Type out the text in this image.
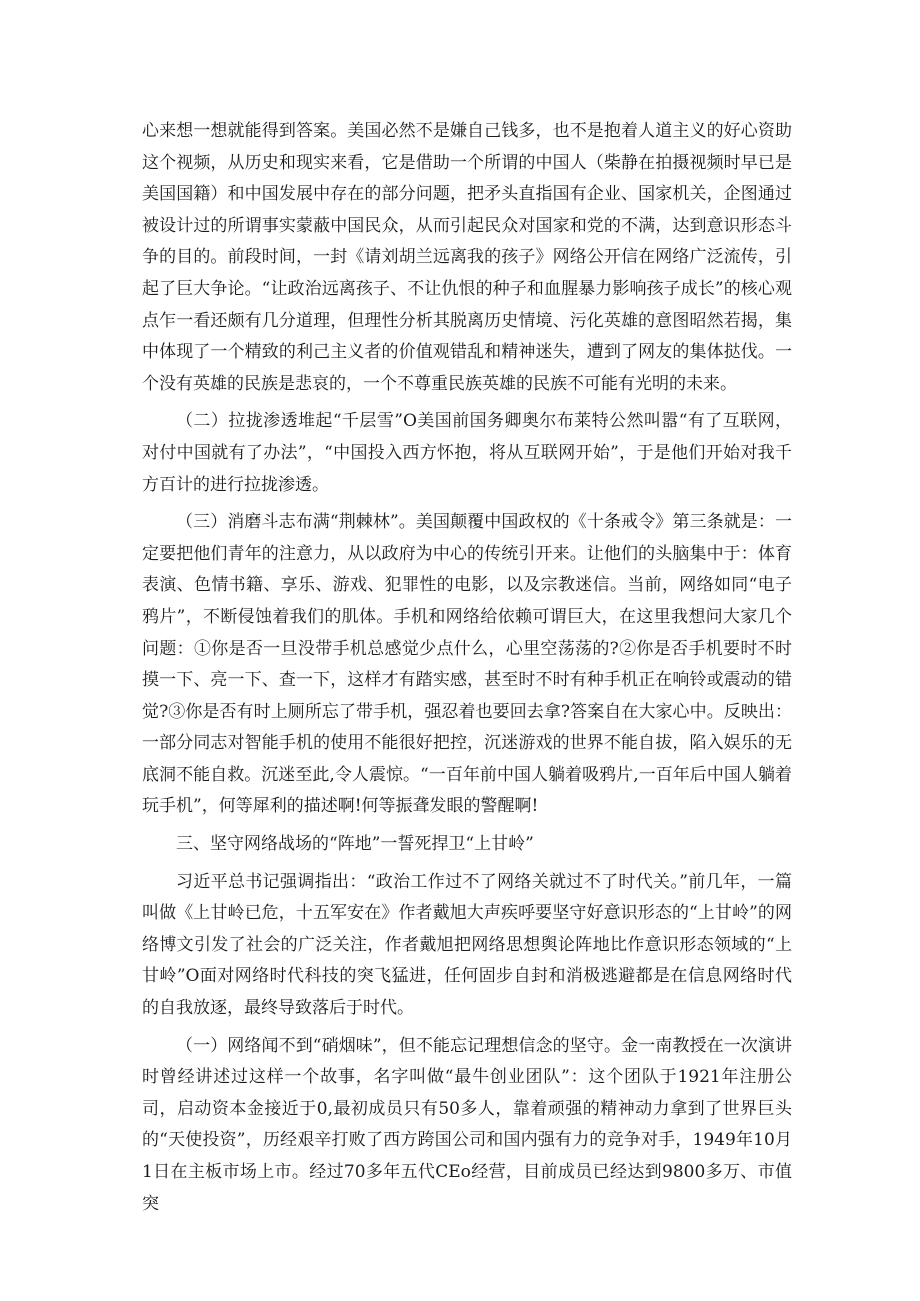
心来想一想就能得到答案。美国必然不是嫌自己钱多，也不是抱着人道主义的好心资助这个视频，从历史和现实来看，它是借助一个所谓的中国人（柴静在拍摄视频时早已是美国国籍）和中国发展中存在的部分问题，把矛头直指国有企业、国家机关，企图通过被设计过的所谓事实蒙蔽中国民众，从而引起民众对国家和党的不满，达到意识形态斗争的目的。前段时间，一封《请刘胡兰远离我的孩子》网络公开信在网络广泛流传，引起了巨大争论。“让政治远离孩子、不让仇恨的种子和血腥暴力影响孩子成长”的核心观点乍一看还颇有几分道理，但理性分析其脱离历史情境、污化英雄的意图昭然若揭，集中体现了一个精致的利己主义者的价值观错乱和精神迷失，遭到了网友的集体挞伐。一个没有英雄的民族是悲哀的，一个不尊重民族英雄的民族不可能有光明的未来。

（二）拉拢渗透堆起“千层雪”O美国前国务卿奥尔布莱特公然叫嚣“有了互联网，对付中国就有了办法”，“中国投入西方怀抱，将从互联网开始”，于是他们开始对我千方百计的进行拉拢渗透。

（三）消磨斗志布满“荆棘林”。美国颠覆中国政权的《十条戒令》第三条就是：一定要把他们青年的注意力，从以政府为中心的传统引开来。让他们的头脑集中于：体育表演、色情书籍、享乐、游戏、犯罪性的电影，以及宗教迷信。当前，网络如同“电子鸦片”，不断侵蚀着我们的肌体。手机和网络给依赖可谓巨大，在这里我想问大家几个问题：①你是否一旦没带手机总感觉少点什么，心里空荡荡的?②你是否手机要时不时摸一下、亮一下、查一下，这样才有踏实感，甚至时不时有种手机正在响铃或震动的错觉?③你是否有时上厕所忘了带手机，强忍着也要回去拿?答案自在大家心中。反映出：一部分同志对智能手机的使用不能很好把控，沉迷游戏的世界不能自拔，陷入娱乐的无底洞不能自救。沉迷至此,令人震惊。“一百年前中国人躺着吸鸦片,一百年后中国人躺着玩手机”，何等犀利的描述啊!何等振聋发眼的警醒啊!

三、坚守网络战场的“阵地”一誓死捍卫“上甘岭”

习近平总书记强调指出：“政治工作过不了网络关就过不了时代关。”前几年，一篇叫做《上甘岭已危，十五军安在》作者戴旭大声疾呼要坚守好意识形态的“上甘岭”的网络博文引发了社会的广泛关注，作者戴旭把网络思想舆论阵地比作意识形态领域的“上甘岭”O面对网络时代科技的突飞猛进，任何固步自封和消极逃避都是在信息网络时代的自我放逐，最终导致落后于时代。

（一）网络闻不到“硝烟味”，但不能忘记理想信念的坚守。金一南教授在一次演讲时曾经讲述过这样一个故事，名字叫做“最牛创业团队”：这个团队于1921年注册公司，启动资本金接近于0,最初成员只有50多人，靠着顽强的精神动力拿到了世界巨头的“天使投资”，历经艰辛打败了西方跨国公司和国内强有力的竞争对手，1949年10月1日在主板市场上市。经过70多年五代CEo经营，目前成员已经达到9800多万、市值突
